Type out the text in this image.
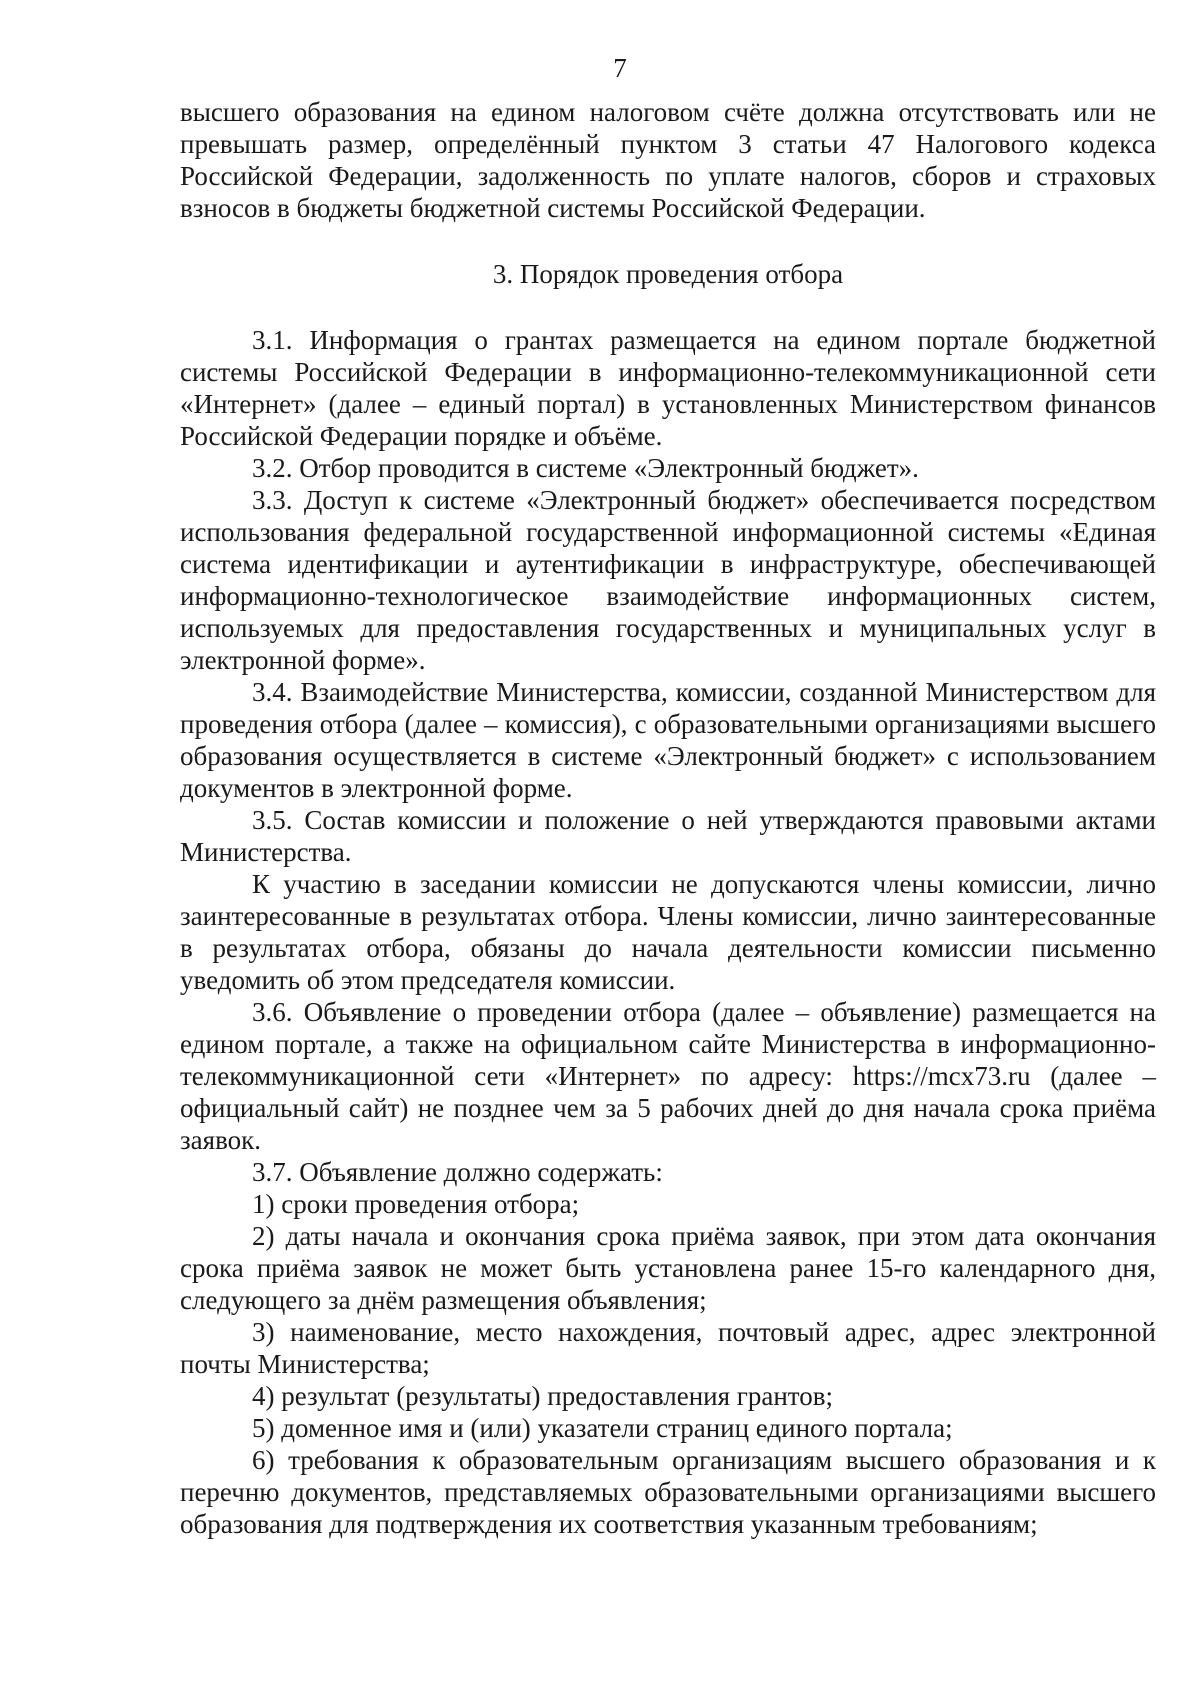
7

высшего образования на едином налоговом счёте должна отсутствовать или не превышать размер, определённый пунктом 3 статьи 47 Налогового кодекса Российской Федерации, задолженность по уплате налогов, сборов и страховых взносов в бюджеты бюджетной системы Российской Федерации.

3. Порядок проведения отбора

3.1. Информация о грантах размещается на едином портале бюджетной системы Российской Федерации в информационно-телекоммуникационной сети «Интернет» (далее – единый портал) в установленных Министерством финансов Российской Федерации порядке и объёме.

3.2. Отбор проводится в системе «Электронный бюджет».

3.3. Доступ к системе «Электронный бюджет» обеспечивается посредством использования федеральной государственной информационной системы «Единая система идентификации и аутентификации в инфраструктуре, обеспечивающей информационно-технологическое взаимодействие информационных систем, используемых для предоставления государственных и муниципальных услуг в электронной форме».

3.4. Взаимодействие Министерства, комиссии, созданной Министерством для проведения отбора (далее – комиссия), с образовательными организациями высшего образования осуществляется в системе «Электронный бюджет» с использованием документов в электронной форме.

3.5. Состав комиссии и положение о ней утверждаются правовыми актами Министерства.

К участию в заседании комиссии не допускаются члены комиссии, лично заинтересованные в результатах отбора. Члены комиссии, лично заинтересованные в результатах отбора, обязаны до начала деятельности комиссии письменно уведомить об этом председателя комиссии.

3.6. Объявление о проведении отбора (далее – объявление) размещается на едином портале, а также на официальном сайте Министерства в информационно-телекоммуникационной сети «Интернет» по адресу: https://mcx73.ru (далее – официальный сайт) не позднее чем за 5 рабочих дней до дня начала срока приёма заявок.

3.7. Объявление должно содержать:

1) сроки проведения отбора;

2) даты начала и окончания срока приёма заявок, при этом дата окончания срока приёма заявок не может быть установлена ранее 15-го календарного дня, следующего за днём размещения объявления;

3) наименование, место нахождения, почтовый адрес, адрес электронной почты Министерства;

4) результат (результаты) предоставления грантов;

5) доменное имя и (или) указатели страниц единого портала;

6) требования к образовательным организациям высшего образования и к перечню документов, представляемых образовательными организациями высшего образования для подтверждения их соответствия указанным требованиям;
